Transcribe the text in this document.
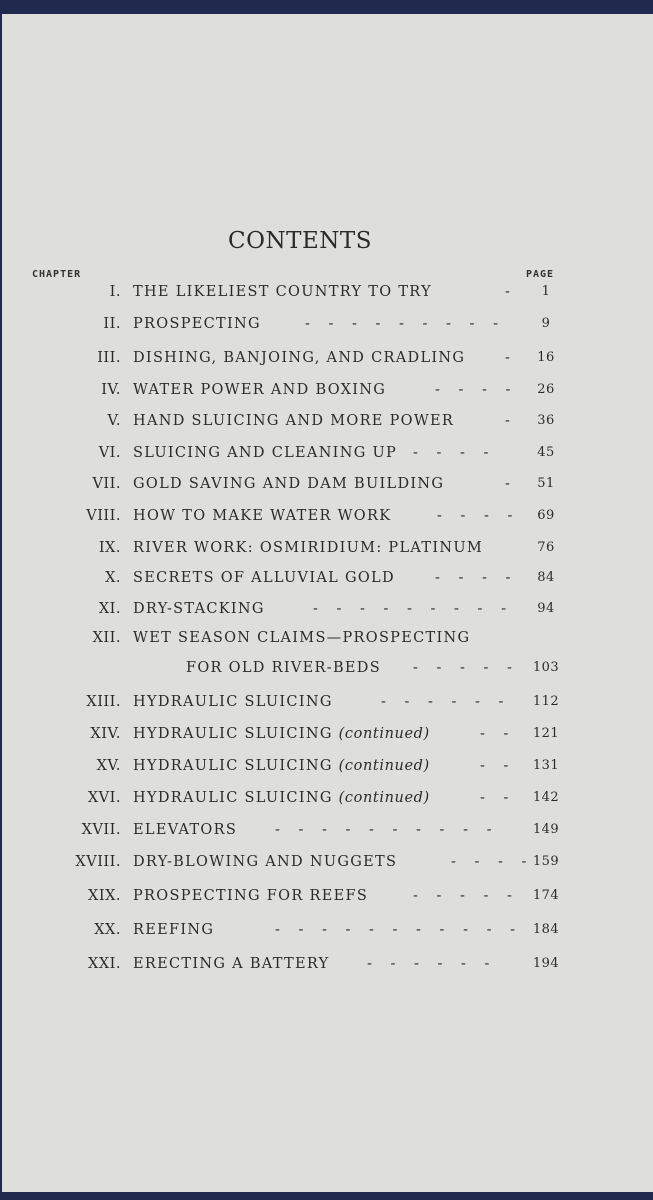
CONTENTS
CHAPTER	PAGE
I. THE LIKELIEST COUNTRY TO TRY	-	1
II. PROSPECTING	- - - - - - - - -	9
III. DISHING, BANJOING, AND CRADLING	-	16
IV. WATER POWER AND BOXING	- - - -	26
V. HAND SLUICING AND MORE POWER	-	36
VI. SLUICING AND CLEANING UP - - - -	45
VII. GOLD SAVING AND DAM BUILDING	-	51
VIII. HOW TO MAKE WATER WORK	- - - -	69
IX. RIVER WORK: OSMIRIDIUM: PLATINUM	76
X. SECRETS OF ALLUVIAL GOLD	- - - -	84
XI. DRY-STACKING	- - - - - - - - -	94
XII. WET SEASON CLAIMS—PROSPECTING
FOR OLD RIVER-BEDS - - - - -	103
XIII. HYDRAULIC SLUICING	- - - - - -	112
XIV. HYDRAULIC SLUICING (continued)	- -	121
XV. HYDRAULIC SLUICING (continued)	- -	131
XVI. HYDRAULIC SLUICING (continued)	- -	142
XVII. ELEVATORS	- - - - - - - - - -	149
XVIII. DRY-BLOWING AND NUGGETS	- - - - 159
XIX. PROSPECTING FOR REEFS	- - - - -	174
XX. REEFING	- - - - - - - - - - -	184
XXI. ERECTING A BATTERY	- - - - - -	194
